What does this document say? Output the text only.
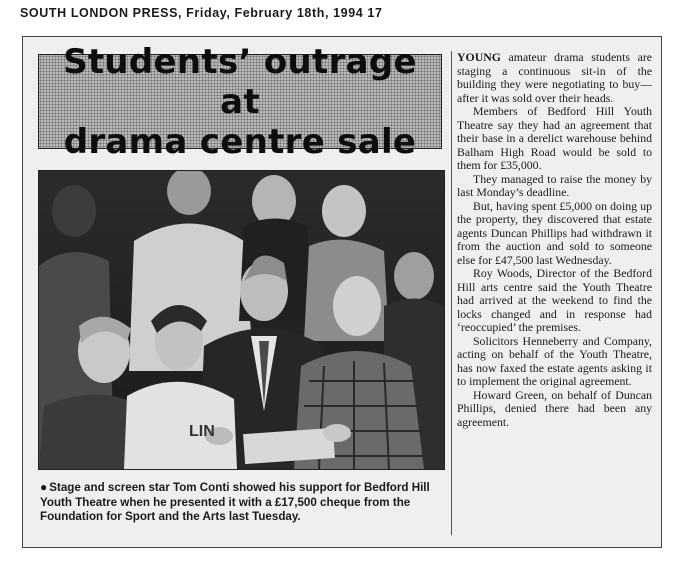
SOUTH LONDON PRESS, Friday, February 18th, 1994 17
Students’ outrage at
drama centre sale
LIN

● Stage and screen star Tom Conti showed his support for Bedford Hill Youth Theatre when he presented it with a £17,500 cheque from the Foundation for Sport and the Arts last Tuesday.

YOUNG amateur drama students are staging a continuous sit-in of the building they were negotiating to buy—after it was sold over their heads.

Members of Bedford Hill Youth Theatre say they had an agreement that their base in a derelict warehouse behind Balham High Road would be sold to them for £35,000.

They managed to raise the money by last Monday’s deadline.

But, having spent £5,000 on doing up the property, they discovered that estate agents Duncan Phillips had withdrawn it from the auction and sold to someone else for £47,500 last Wednesday.

Roy Woods, Director of the Bedford Hill arts centre said the Youth Theatre had arrived at the weekend to find the locks changed and in response had ‘reoccupied’ the premises.

Solicitors Henneberry and Company, acting on behalf of the Youth Theatre, has now faxed the estate agents asking it to implement the original agreement.

Howard Green, on behalf of Duncan Phillips, denied there had been any agreement.
